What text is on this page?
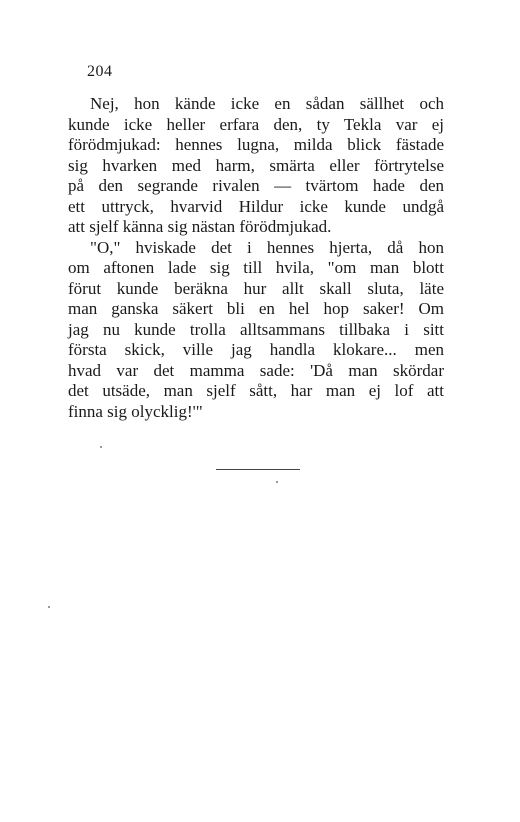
204
Nej, hon kände icke en sådan sällhet och
kunde icke heller erfara den, ty Tekla var ej
förödmjukad: hennes lugna, milda blick fästade
sig hvarken med harm, smärta eller förtrytelse
på den segrande rivalen — tvärtom hade den
ett uttryck, hvarvid Hildur icke kunde undgå
att sjelf känna sig nästan förödmjukad.
"O," hviskade det i hennes hjerta, då hon
om aftonen lade sig till hvila, "om man blott
förut kunde beräkna hur allt skall sluta, läte
man ganska säkert bli en hel hop saker! Om
jag nu kunde trolla alltsammans tillbaka i sitt
första skick, ville jag handla klokare... men
hvad var det mamma sade: 'Då man skördar
det utsäde, man sjelf sått, har man ej lof att
finna sig olycklig!'"
